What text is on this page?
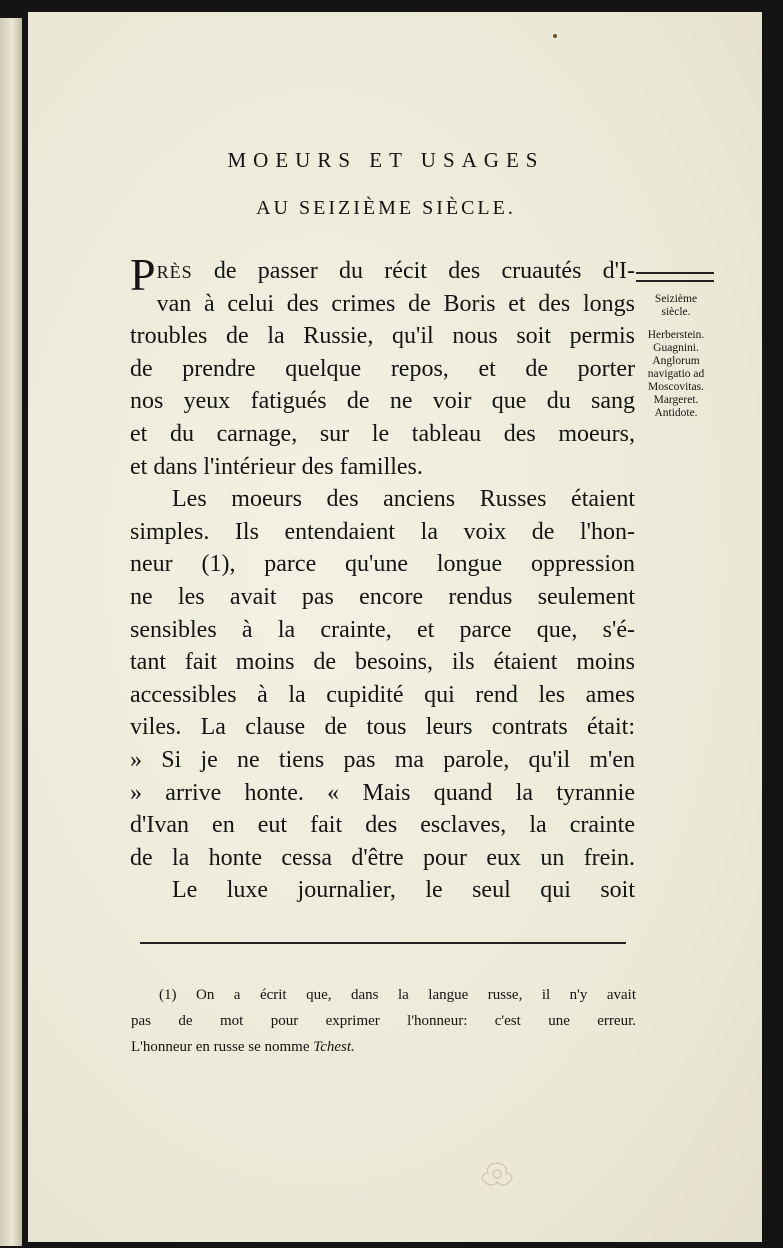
MOEURS ET USAGES
AU SEIZIÈME SIÈCLE.
PRÈS de passer du récit des cruautés d'I-
van à celui des crimes de Boris et des longs
troubles de la Russie, qu'il nous soit permis
de prendre quelque repos, et de porter
nos yeux fatigués de ne voir que du sang
et du carnage, sur le tableau des moeurs,
et dans l'intérieur des familles.
Les moeurs des anciens Russes étaient
simples. Ils entendaient la voix de l'hon-
neur (1), parce qu'une longue oppression
ne les avait pas encore rendus seulement
sensibles à la crainte, et parce que, s'é-
tant fait moins de besoins, ils étaient moins
accessibles à la cupidité qui rend les ames
viles. La clause de tous leurs contrats était:
» Si je ne tiens pas ma parole, qu'il m'en
» arrive honte. « Mais quand la tyrannie
d'Ivan en eut fait des esclaves, la crainte
de la honte cessa d'être pour eux un frein.
Le luxe journalier, le seul qui soit
Seizième
siècle.
Herberstein.
Guagnini.
Anglorum
navigatio ad
Moscovitas.
Margeret.
Antidote.
(1) On a écrit que, dans la langue russe, il n'y avait
pas de mot pour exprimer l'honneur: c'est une erreur.
L'honneur en russe se nomme Tchest.
